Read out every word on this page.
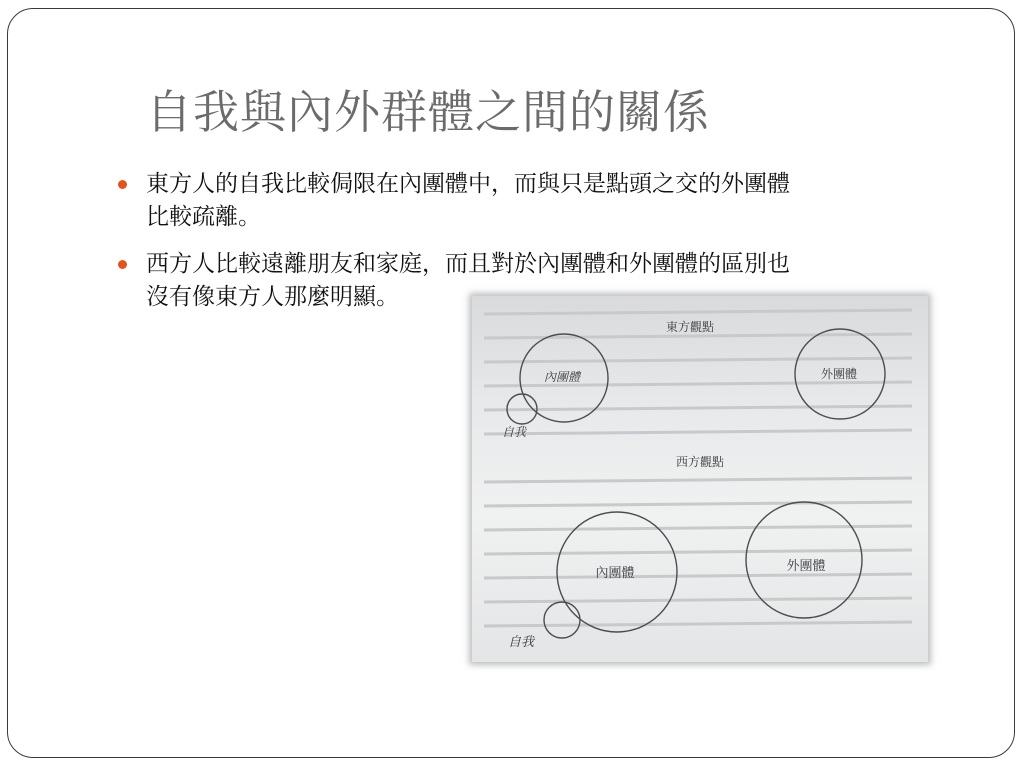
自我與內外群體之間的關係
東方人的自我比較侷限在內團體中，而與只是點頭之交的外團體
比較疏離。
西方人比較遠離朋友和家庭，而且對於內團體和外團體的區別也
沒有像東方人那麼明顯。
東方觀點
內團體
自我
外團體
西方觀點
內團體
自我
外團體
